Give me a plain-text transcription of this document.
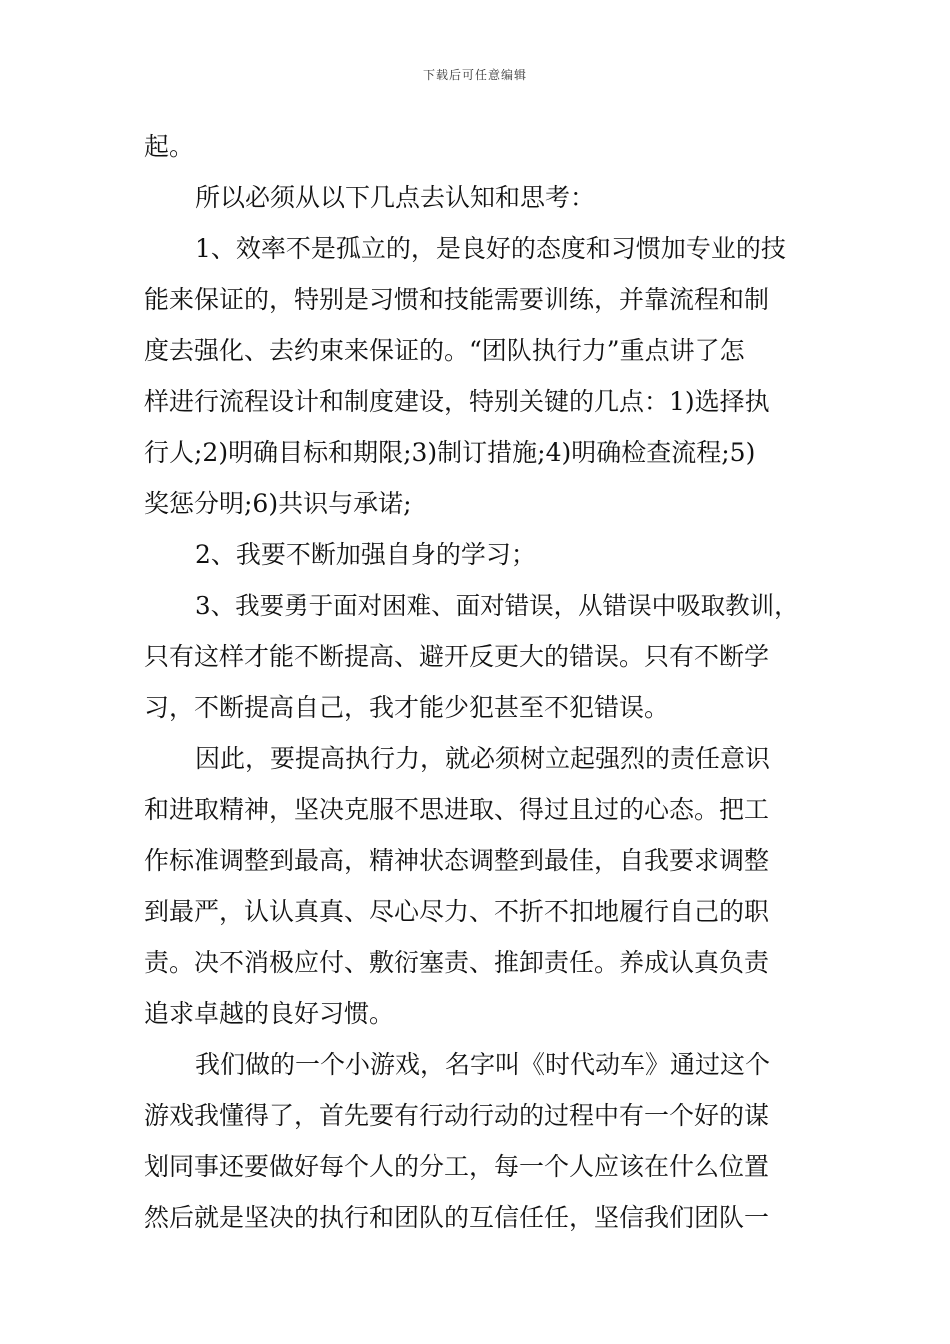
下载后可任意编辑
起。
所以必须从以下几点去认知和思考：
1、效率不是孤立的，是良好的态度和习惯加专业的技
能来保证的，特别是习惯和技能需要训练，并靠流程和制
度去强化、去约束来保证的。“团队执行力”重点讲了怎
样进行流程设计和制度建设，特别关键的几点：1)选择执
行人;2)明确目标和期限;3)制订措施;4)明确检查流程;5)
奖惩分明;6)共识与承诺;
2、我要不断加强自身的学习；
3、我要勇于面对困难、面对错误，从错误中吸取教训，
只有这样才能不断提高、避开反更大的错误。只有不断学
习，不断提高自己，我才能少犯甚至不犯错误。
因此，要提高执行力，就必须树立起强烈的责任意识
和进取精神，坚决克服不思进取、得过且过的心态。把工
作标准调整到最高，精神状态调整到最佳，自我要求调整
到最严，认认真真、尽心尽力、不折不扣地履行自己的职
责。决不消极应付、敷衍塞责、推卸责任。养成认真负责
追求卓越的良好习惯。
我们做的一个小游戏，名字叫《时代动车》通过这个
游戏我懂得了，首先要有行动行动的过程中有一个好的谋
划同事还要做好每个人的分工，每一个人应该在什么位置
然后就是坚决的执行和团队的互信任任，坚信我们团队一
